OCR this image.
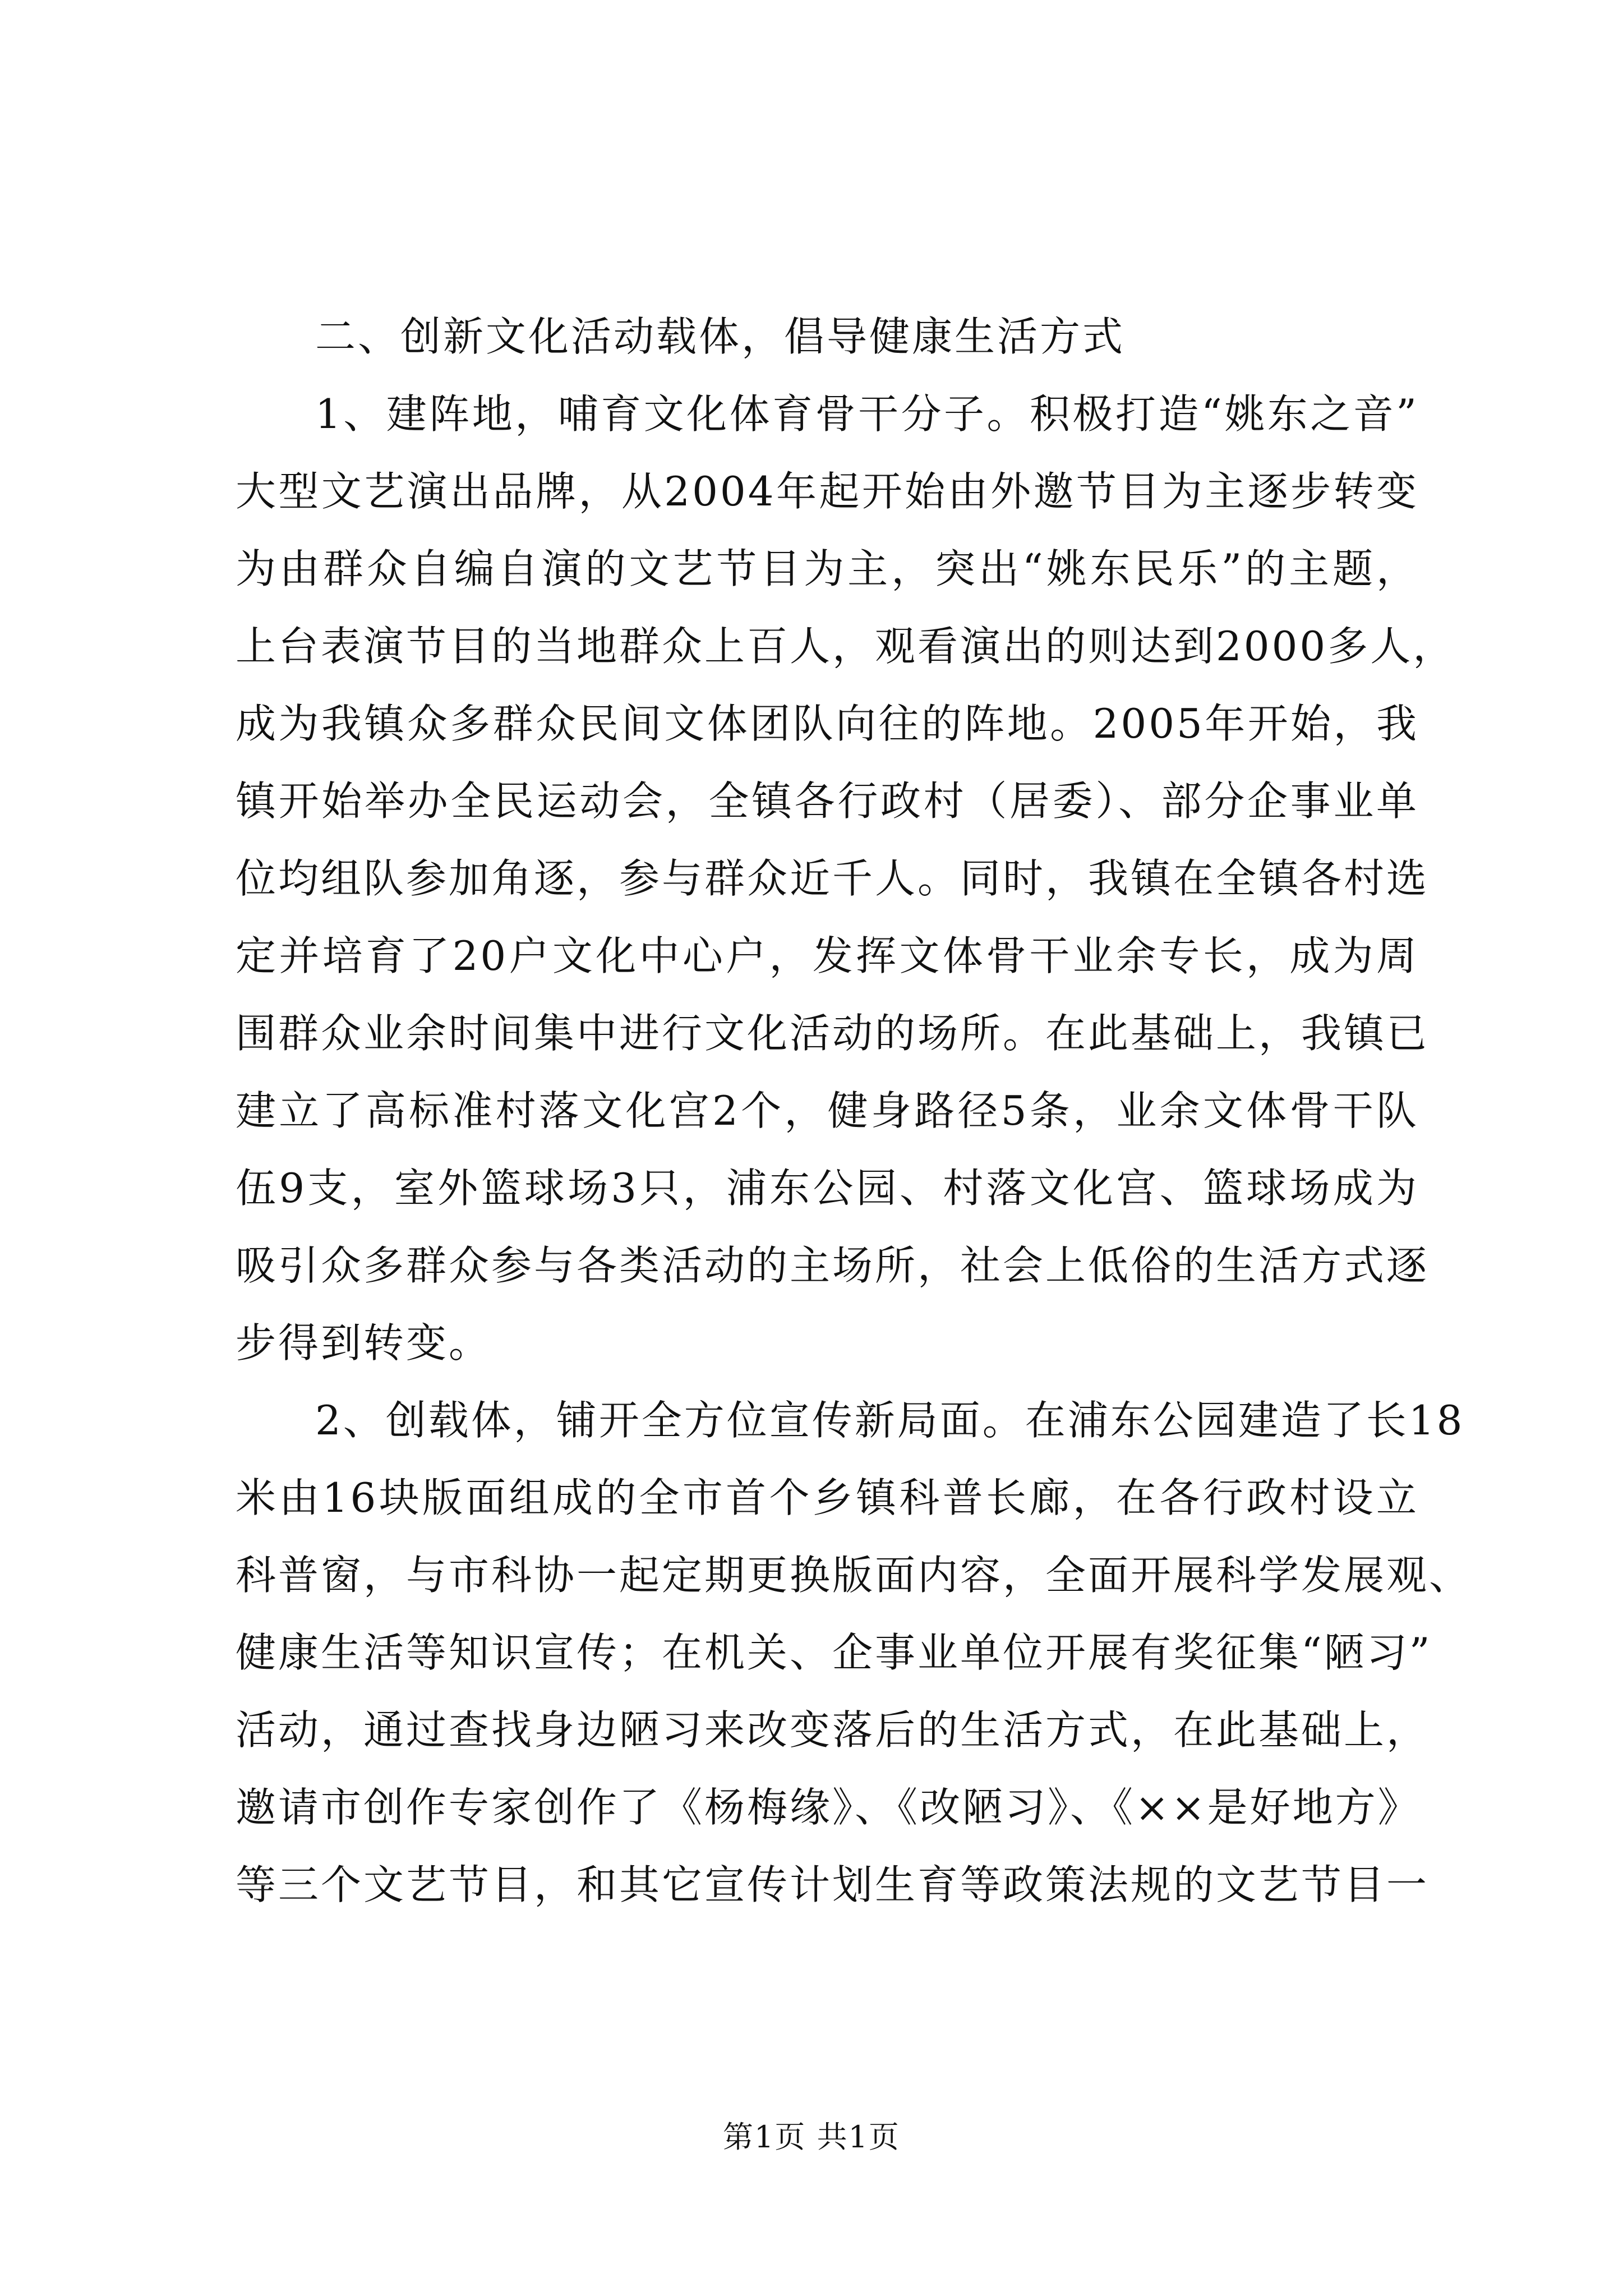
二、创新文化活动载体，倡导健康生活方式
1、建阵地，哺育文化体育骨干分子。积极打造“姚东之音”
大型文艺演出品牌，从2004年起开始由外邀节目为主逐步转变
为由群众自编自演的文艺节目为主，突出“姚东民乐”的主题，
上台表演节目的当地群众上百人，观看演出的则达到2000多人，
成为我镇众多群众民间文体团队向往的阵地。2005年开始，我
镇开始举办全民运动会，全镇各行政村（居委）、部分企事业单
位均组队参加角逐，参与群众近千人。同时，我镇在全镇各村选
定并培育了20户文化中心户，发挥文体骨干业余专长，成为周
围群众业余时间集中进行文化活动的场所。在此基础上，我镇已
建立了高标准村落文化宫2个，健身路径5条，业余文体骨干队
伍9支，室外篮球场3只，浦东公园、村落文化宫、篮球场成为
吸引众多群众参与各类活动的主场所，社会上低俗的生活方式逐
步得到转变。
2、创载体，铺开全方位宣传新局面。在浦东公园建造了长18
米由16块版面组成的全市首个乡镇科普长廊，在各行政村设立
科普窗，与市科协一起定期更换版面内容，全面开展科学发展观、
健康生活等知识宣传；在机关、企事业单位开展有奖征集“陋习”
活动，通过查找身边陋习来改变落后的生活方式，在此基础上，
邀请市创作专家创作了《杨梅缘》、《改陋习》、《××是好地方》
等三个文艺节目，和其它宣传计划生育等政策法规的文艺节目一
第1页 共1页
